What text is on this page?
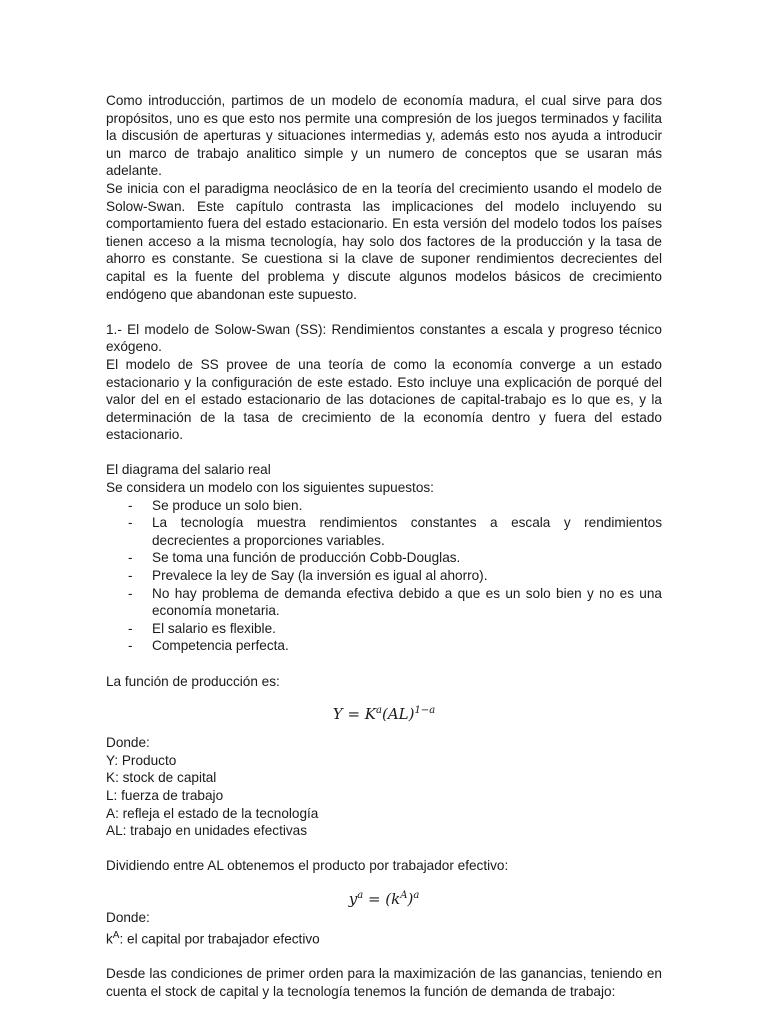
Como introducción, partimos de un modelo de economía madura, el cual sirve para dos propósitos, uno es que esto nos permite una compresión de los juegos terminados y facilita la discusión de aperturas y situaciones intermedias y, además esto nos ayuda a introducir un marco de trabajo analitico simple y un numero de conceptos que se usaran más adelante.

Se inicia con el paradigma neoclásico de en la teoría del crecimiento usando el modelo de Solow-Swan. Este capítulo contrasta las implicaciones del modelo incluyendo su comportamiento fuera del estado estacionario. En esta versión del modelo todos los países tienen acceso a la misma tecnología, hay solo dos factores de la producción y la tasa de ahorro es constante. Se cuestiona si la clave de suponer rendimientos decrecientes del capital es la fuente del problema y discute algunos modelos básicos de crecimiento endógeno que abandonan este supuesto.

1.- El modelo de Solow-Swan (SS): Rendimientos constantes a escala y progreso técnico exógeno.

El modelo de SS provee de una teoría de como la economía converge a un estado estacionario y la configuración de este estado. Esto incluye una explicación de porqué del valor del en el estado estacionario de las dotaciones de capital-trabajo es lo que es, y la determinación de la tasa de crecimiento de la economía dentro y fuera del estado estacionario.

El diagrama del salario real

Se considera un modelo con los siguientes supuestos:

- Se produce un solo bien.
- La tecnología muestra rendimientos constantes a escala y rendimientos decrecientes a proporciones variables.
- Se toma una función de producción Cobb-Douglas.
- Prevalece la ley de Say (la inversión es igual al ahorro).
- No hay problema de demanda efectiva debido a que es un solo bien y no es una economía monetaria.
- El salario es flexible.
- Competencia perfecta.

La función de producción es:

$Y = K^a(AL)^{1-a}$

Donde:

Y: Producto

K: stock de capital

L: fuerza de trabajo

A: refleja el estado de la tecnología

AL: trabajo en unidades efectivas

Dividiendo entre AL obtenemos el producto por trabajador efectivo:

$y^a = (k^A)^a$

Donde:

$k^A$: el capital por trabajador efectivo

Desde las condiciones de primer orden para la maximización de las ganancias, teniendo en cuenta el stock de capital y la tecnología tenemos la función de demanda de trabajo:
